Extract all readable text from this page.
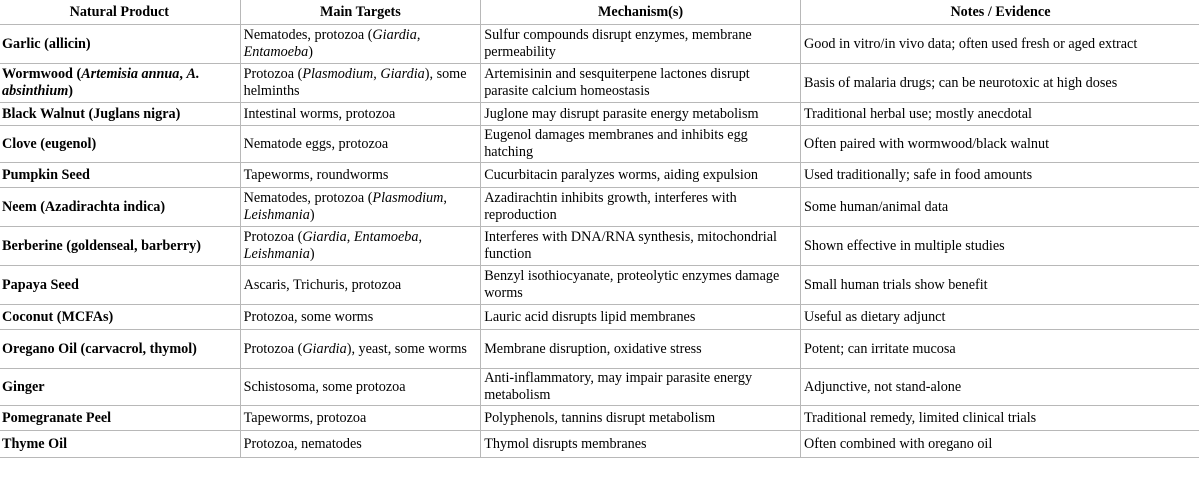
Natural Product	Main Targets	Mechanism(s)	Notes / Evidence
Garlic (allicin)	Nematodes, protozoa (Giardia, Entamoeba)	Sulfur compounds disrupt enzymes, membrane permeability	Good in vitro/in vivo data; often used fresh or aged extract
Wormwood (Artemisia annua, A. absinthium)	Protozoa (Plasmodium, Giardia), some helminths	Artemisinin and sesquiterpene lactones disrupt parasite calcium homeostasis	Basis of malaria drugs; can be neurotoxic at high doses
Black Walnut (Juglans nigra)	Intestinal worms, protozoa	Juglone may disrupt parasite energy metabolism	Traditional herbal use; mostly anecdotal
Clove (eugenol)	Nematode eggs, protozoa	Eugenol damages membranes and inhibits egg hatching	Often paired with wormwood/black walnut
Pumpkin Seed	Tapeworms, roundworms	Cucurbitacin paralyzes worms, aiding expulsion	Used traditionally; safe in food amounts
Neem (Azadirachta indica)	Nematodes, protozoa (Plasmodium, Leishmania)	Azadirachtin inhibits growth, interferes with reproduction	Some human/animal data
Berberine (goldenseal, barberry)	Protozoa (Giardia, Entamoeba, Leishmania)	Interferes with DNA/RNA synthesis, mitochondrial function	Shown effective in multiple studies
Papaya Seed	Ascaris, Trichuris, protozoa	Benzyl isothiocyanate, proteolytic enzymes damage worms	Small human trials show benefit
Coconut (MCFAs)	Protozoa, some worms	Lauric acid disrupts lipid membranes	Useful as dietary adjunct
Oregano Oil (carvacrol, thymol)	Protozoa (Giardia), yeast, some worms	Membrane disruption, oxidative stress	Potent; can irritate mucosa
Ginger	Schistosoma, some protozoa	Anti-inflammatory, may impair parasite energy metabolism	Adjunctive, not stand-alone
Pomegranate Peel	Tapeworms, protozoa	Polyphenols, tannins disrupt metabolism	Traditional remedy, limited clinical trials
Thyme Oil	Protozoa, nematodes	Thymol disrupts membranes	Often combined with oregano oil
